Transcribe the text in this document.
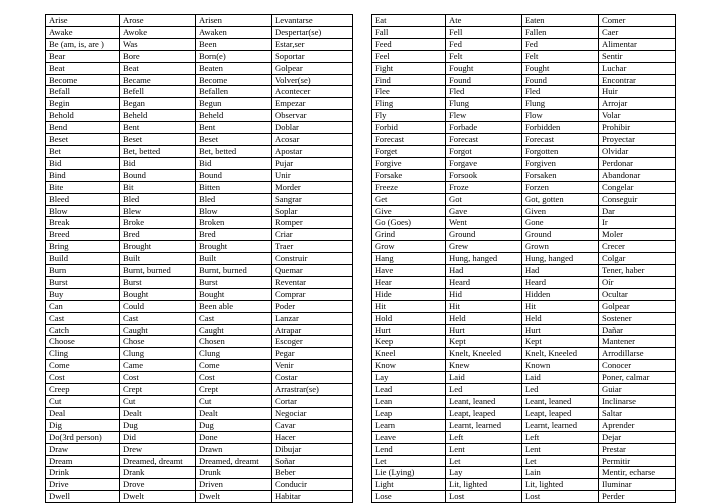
Arise	Arose	Arisen	Levantarse
Awake	Awoke	Awaken	Despertar(se)
Be (am, is, are )	Was	Been	Estar,ser
Bear	Bore	Born(e)	Soportar
Beat	Beat	Beaten	Golpear
Become	Became	Become	Volver(se)
Befall	Befell	Befallen	Acontecer
Begin	Began	Begun	Empezar
Behold	Beheld	Beheld	Observar
Bend	Bent	Bent	Doblar
Beset	Beset	Beset	Acosar
Bet	Bet, betted	Bet, betted	Apostar
Bid	Bid	Bid	Pujar
Bind	Bound	Bound	Unir
Bite	Bit	Bitten	Morder
Bleed	Bled	Bled	Sangrar
Blow	Blew	Blow	Soplar
Break	Broke	Broken	Romper
Breed	Bred	Bred	Criar
Bring	Brought	Brought	Traer
Build	Built	Built	Construir
Burn	Burnt, burned	Burnt, burned	Quemar
Burst	Burst	Burst	Reventar
Buy	Bought	Bought	Comprar
Can	Could	Been able	Poder
Cast	Cast	Cast	Lanzar
Catch	Caught	Caught	Atrapar
Choose	Chose	Chosen	Escoger
Cling	Clung	Clung	Pegar
Come	Came	Come	Venir
Cost	Cost	Cost	Costar
Creep	Crept	Crept	Arrastrar(se)
Cut	Cut	Cut	Cortar
Deal	Dealt	Dealt	Negociar
Dig	Dug	Dug	Cavar
Do(3rd person)	Did	Done	Hacer
Draw	Drew	Drawn	Dibujar
Dream	Dreamed, dreamt	Dreamed, dreamt	Soñar
Drink	Drank	Drunk	Beber
Drive	Drove	Driven	Conducir
Dwell	Dwelt	Dwelt	Habitar
Eat	Ate	Eaten	Comer
Fall	Fell	Fallen	Caer
Feed	Fed	Fed	Alimentar
Feel	Felt	Felt	Sentir
Fight	Fought	Fought	Luchar
Find	Found	Found	Encontrar
Flee	Fled	Fled	Huir
Fling	Flung	Flung	Arrojar
Fly	Flew	Flow	Volar
Forbid	Forbade	Forbidden	Prohibir
Forecast	Forecast	Forecast	Proyectar
Forget	Forgot	Forgotten	Olvidar
Forgive	Forgave	Forgiven	Perdonar
Forsake	Forsook	Forsaken	Abandonar
Freeze	Froze	Forzen	Congelar
Get	Got	Got, gotten	Conseguir
Give	Gave	Given	Dar
Go (Goes)	Went	Gone	Ir
Grind	Ground	Ground	Moler
Grow	Grew	Grown	Crecer
Hang	Hung, hanged	Hung, hanged	Colgar
Have	Had	Had	Tener, haber
Hear	Heard	Heard	Oír
Hide	Hid	Hidden	Ocultar
Hit	Hit	Hit	Golpear
Hold	Held	Held	Sostener
Hurt	Hurt	Hurt	Dañar
Keep	Kept	Kept	Mantener
Kneel	Knelt, Kneeled	Knelt, Kneeled	Arrodillarse
Know	Knew	Known	Conocer
Lay	Laid	Laid	Poner, calmar
Lead	Led	Led	Guiar
Lean	Leant, leaned	Leant, leaned	Inclinarse
Leap	Leapt, leaped	Leapt, leaped	Saltar
Learn	Learnt, learned	Learnt, learned	Aprender
Leave	Left	Left	Dejar
Lend	Lent	Lent	Prestar
Let	Let	Let	Permitir
Lie (Lying)	Lay	Lain	Mentir, echarse
Light	Lit, lighted	Lit, lighted	Iluminar
Lose	Lost	Lost	Perder
